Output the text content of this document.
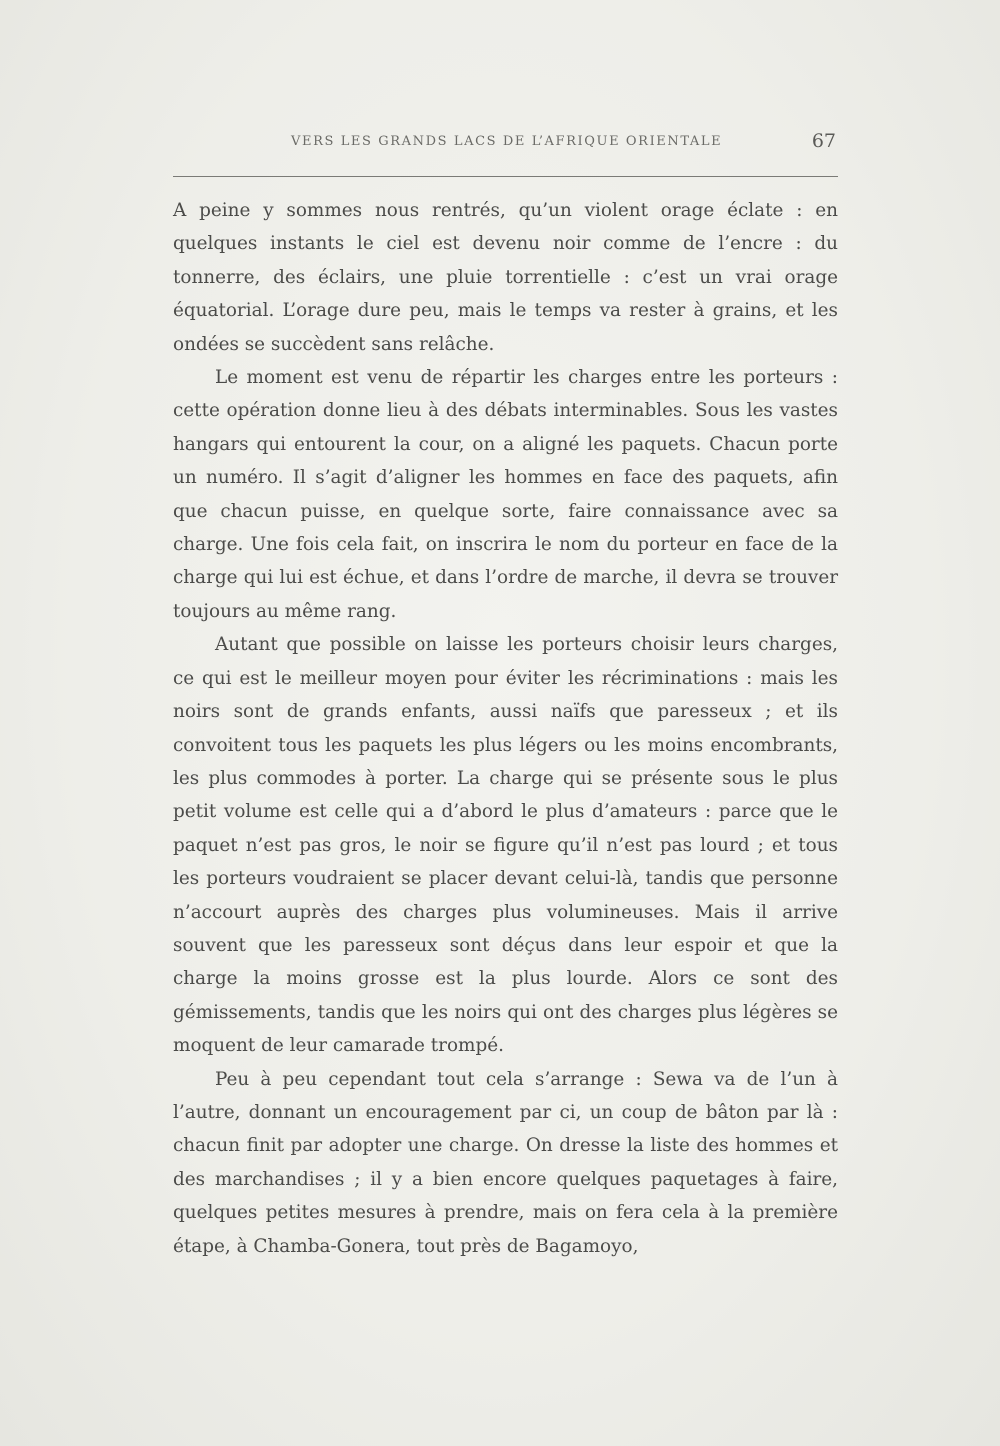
VERS LES GRANDS LACS DE L’AFRIQUE ORIENTALE	67

A peine y sommes nous rentrés, qu’un violent orage éclate : en quelques instants le ciel est devenu noir comme de l’encre : du tonnerre, des éclairs, une pluie torrentielle : c’est un vrai orage équatorial. L’orage dure peu, mais le temps va rester à grains, et les ondées se succèdent sans relâche.

Le moment est venu de répartir les charges entre les porteurs : cette opération donne lieu à des débats interminables. Sous les vastes hangars qui entourent la cour, on a aligné les paquets. Chacun porte un numéro. Il s’agit d’aligner les hommes en face des paquets, afin que chacun puisse, en quelque sorte, faire connaissance avec sa charge. Une fois cela fait, on inscrira le nom du porteur en face de la charge qui lui est échue, et dans l’ordre de marche, il devra se trouver toujours au même rang.

Autant que possible on laisse les porteurs choisir leurs charges, ce qui est le meilleur moyen pour éviter les récriminations : mais les noirs sont de grands enfants, aussi naïfs que paresseux ; et ils convoitent tous les paquets les plus légers ou les moins encombrants, les plus commodes à porter. La charge qui se présente sous le plus petit volume est celle qui a d’abord le plus d’amateurs : parce que le paquet n’est pas gros, le noir se figure qu’il n’est pas lourd ; et tous les porteurs voudraient se placer devant celui-là, tandis que personne n’accourt auprès des charges plus volumineuses. Mais il arrive souvent que les paresseux sont déçus dans leur espoir et que la charge la moins grosse est la plus lourde. Alors ce sont des gémissements, tandis que les noirs qui ont des charges plus légères se moquent de leur camarade trompé.

Peu à peu cependant tout cela s’arrange : Sewa va de l’un à l’autre, donnant un encouragement par ci, un coup de bâton par là : chacun finit par adopter une charge. On dresse la liste des hommes et des marchandises ; il y a bien encore quelques paquetages à faire, quelques petites mesures à prendre, mais on fera cela à la première étape, à Chamba-Gonera, tout près de Bagamoyo,
